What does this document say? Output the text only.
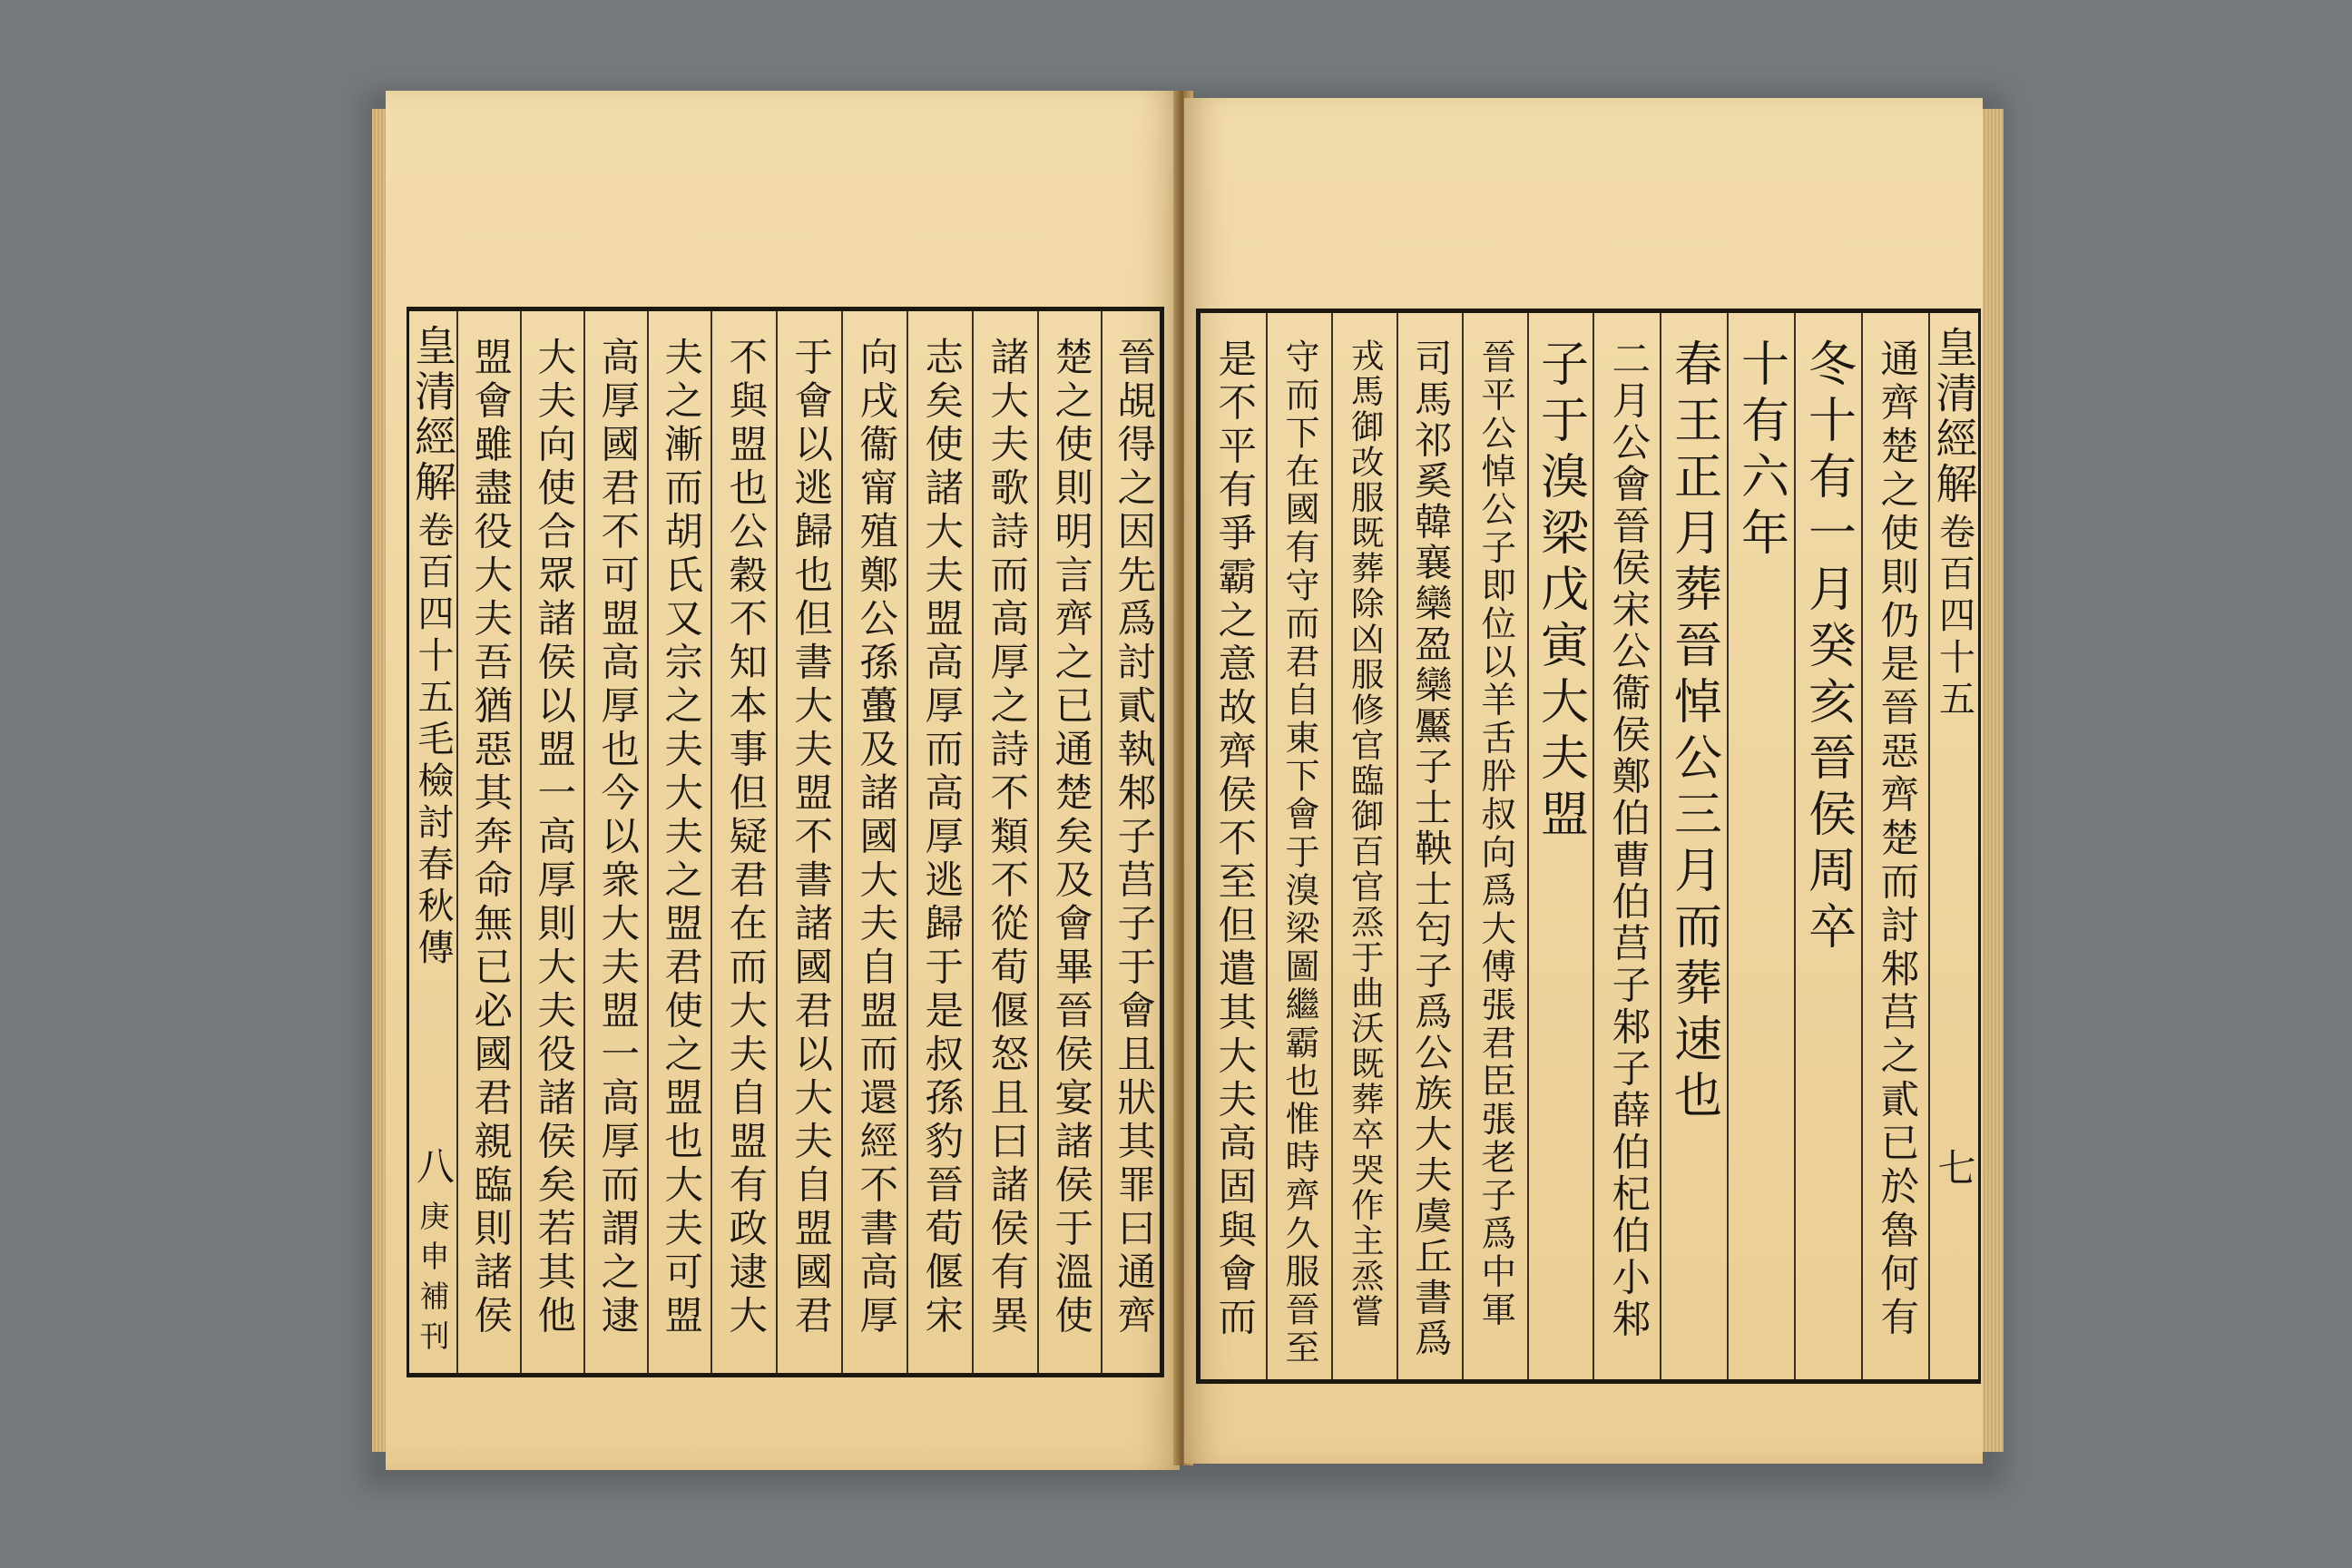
皇清經解
卷百四十五毛檢討春秋傳
八
庚申補刊 盟會雖盡役大夫吾猶惡其奔命無已必國君親臨則諸侯 大夫向使合眾諸侯以盟一高厚則大夫役諸侯矣若其他 高厚國君不可盟高厚也今以衆大夫盟一高厚而謂之逮 夫之漸而胡氏又宗之夫大夫之盟君使之盟也大夫可盟 不與盟也公穀不知本事但疑君在而大夫自盟有政逮大 于會以逃歸也但書大夫盟不書諸國君以大夫自盟國君 向戌衞甯殖鄭公孫蠆及諸國大夫自盟而還經不書高厚 志矣使諸大夫盟高厚而高厚逃歸于是叔孫豹晉荀偃宋 諸大夫歌詩而高厚之詩不類不從荀偃怒且曰諸侯有異 楚之使則明言齊之已通楚矣及會畢晉侯宴諸侯于溫使 晉覘得之因先爲討貳執邾子莒子于會且狀其罪曰通齊 是不平有爭霸之意故齊侯不至但遣其大夫高固與會而 守而下在國有守而君自東下會于溴梁圖繼霸也惟時齊久服晉至 戎馬御改服既葬除凶服修官臨御百官烝于曲沃既葬卒哭作主烝嘗 司馬祁奚韓襄欒盈欒黶子士鞅士匄子爲公族大夫虞丘書爲 晉平公悼公子即位以羊舌肸叔向爲大傅張君臣張老子爲中軍 子于溴梁戊寅大夫盟 二月公會晉侯宋公衞侯鄭伯曹伯莒子邾子薛伯杞伯小邾 春王正月葬晉悼公三月而葬速也 十有六年 冬十有一月癸亥晉侯周卒 通齊楚之使則仍是晉惡齊楚而討邾莒之貳已於魯何有 皇清經解
卷百四十五
七
